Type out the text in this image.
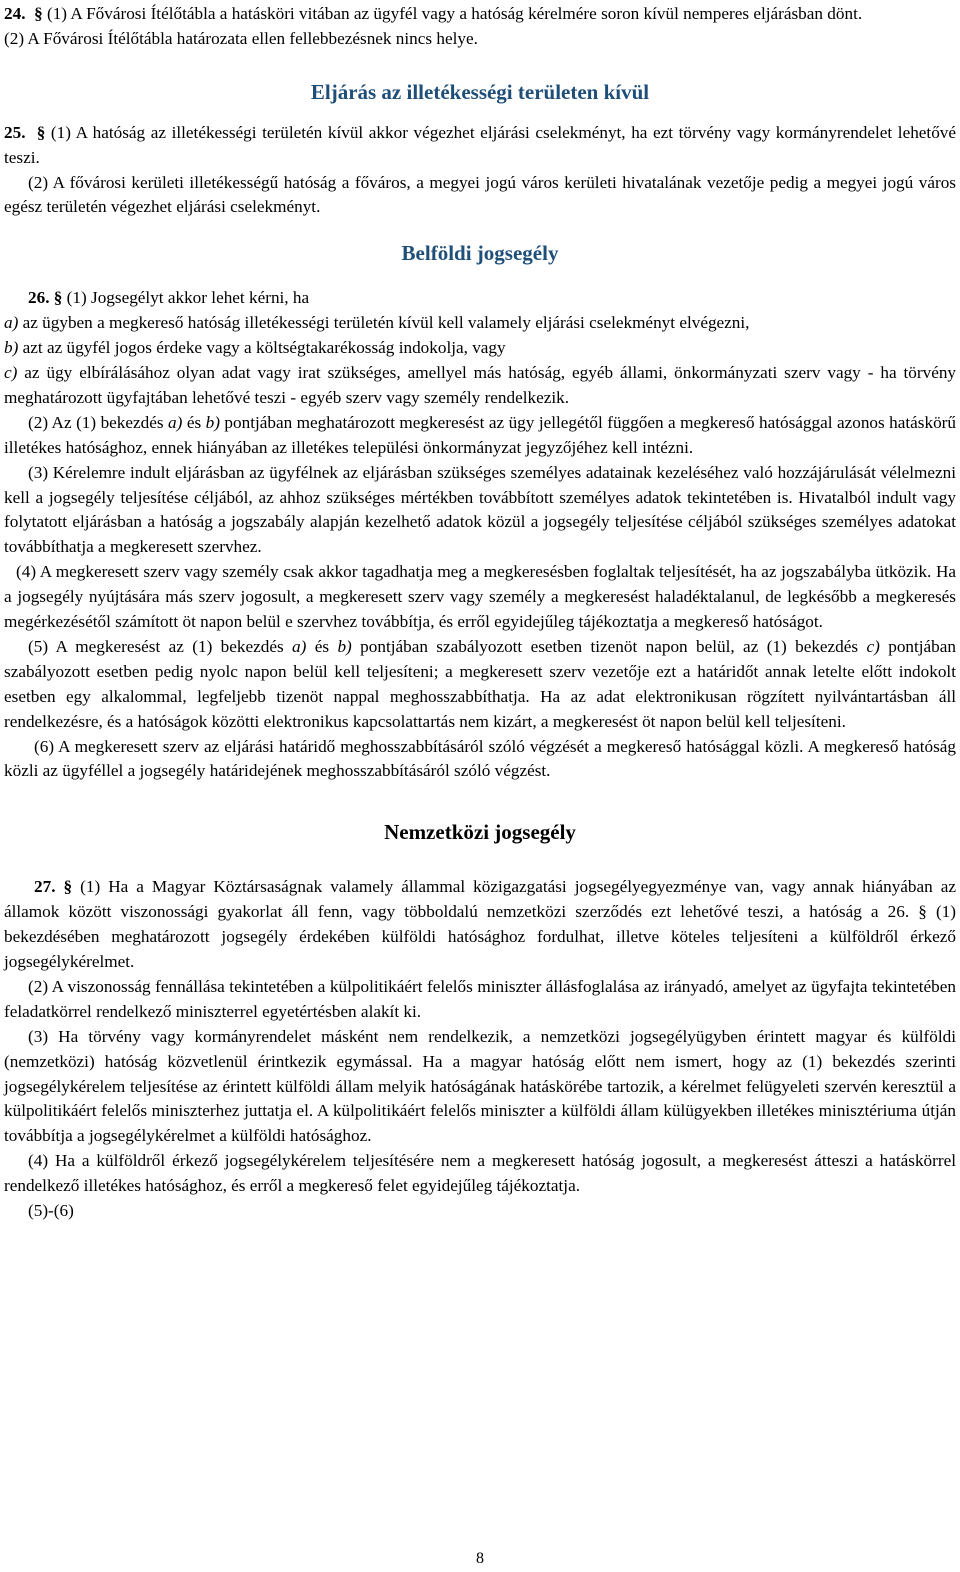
24. § (1) A Fővárosi Ítélőtábla a hatásköri vitában az ügyfél vagy a hatóság kérelmére soron kívül nemperes eljárásban dönt.

(2) A Fővárosi Ítélőtábla határozata ellen fellebbezésnek nincs helye.

Eljárás az illetékességi területen kívül

25. § (1) A hatóság az illetékességi területén kívül akkor végezhet eljárási cselekményt, ha ezt törvény vagy kormányrendelet lehetővé teszi.

(2) A fővárosi kerületi illetékességű hatóság a főváros, a megyei jogú város kerületi hivatalának vezetője pedig a megyei jogú város egész területén végezhet eljárási cselekményt.

Belföldi jogsegély

26. § (1) Jogsegélyt akkor lehet kérni, ha

a) az ügyben a megkereső hatóság illetékességi területén kívül kell valamely eljárási cselekményt elvégezni,

b) azt az ügyfél jogos érdeke vagy a költségtakarékosság indokolja, vagy

c) az ügy elbírálásához olyan adat vagy irat szükséges, amellyel más hatóság, egyéb állami, önkormányzati szerv vagy - ha törvény meghatározott ügyfajtában lehetővé teszi - egyéb szerv vagy személy rendelkezik.

(2) Az (1) bekezdés a) és b) pontjában meghatározott megkeresést az ügy jellegétől függően a megkereső hatósággal azonos hatáskörű illetékes hatósághoz, ennek hiányában az illetékes települési önkormányzat jegyzőjéhez kell intézni.

(3) Kérelemre indult eljárásban az ügyfélnek az eljárásban szükséges személyes adatainak kezeléséhez való hozzájárulását vélelmezni kell a jogsegély teljesítése céljából, az ahhoz szükséges mértékben továbbított személyes adatok tekintetében is. Hivatalból indult vagy folytatott eljárásban a hatóság a jogszabály alapján kezelhető adatok közül a jogsegély teljesítése céljából szükséges személyes adatokat továbbíthatja a megkeresett szervhez.

(4) A megkeresett szerv vagy személy csak akkor tagadhatja meg a megkeresésben foglaltak teljesítését, ha az jogszabályba ütközik. Ha a jogsegély nyújtására más szerv jogosult, a megkeresett szerv vagy személy a megkeresést haladéktalanul, de legkésőbb a megkeresés megérkezésétől számított öt napon belül e szervhez továbbítja, és erről egyidejűleg tájékoztatja a megkereső hatóságot.

(5) A megkeresést az (1) bekezdés a) és b) pontjában szabályozott esetben tizenöt napon belül, az (1) bekezdés c) pontjában szabályozott esetben pedig nyolc napon belül kell teljesíteni; a megkeresett szerv vezetője ezt a határidőt annak letelte előtt indokolt esetben egy alkalommal, legfeljebb tizenöt nappal meghosszabbíthatja. Ha az adat elektronikusan rögzített nyilvántartásban áll rendelkezésre, és a hatóságok közötti elektronikus kapcsolattartás nem kizárt, a megkeresést öt napon belül kell teljesíteni.

(6) A megkeresett szerv az eljárási határidő meghosszabbításáról szóló végzését a megkereső hatósággal közli. A megkereső hatóság közli az ügyféllel a jogsegély határidejének meghosszabbításáról szóló végzést.

Nemzetközi jogsegély

27. § (1) Ha a Magyar Köztársaságnak valamely állammal közigazgatási jogsegélyegyezménye van, vagy annak hiányában az államok között viszonossági gyakorlat áll fenn, vagy többoldalú nemzetközi szerződés ezt lehetővé teszi, a hatóság a 26. § (1) bekezdésében meghatározott jogsegély érdekében külföldi hatósághoz fordulhat, illetve köteles teljesíteni a külföldről érkező jogsegélykérelmet.

(2) A viszonosság fennállása tekintetében a külpolitikáért felelős miniszter állásfoglalása az irányadó, amelyet az ügyfajta tekintetében feladatkörrel rendelkező miniszterrel egyetértésben alakít ki.

(3) Ha törvény vagy kormányrendelet másként nem rendelkezik, a nemzetközi jogsegélyügyben érintett magyar és külföldi (nemzetközi) hatóság közvetlenül érintkezik egymással. Ha a magyar hatóság előtt nem ismert, hogy az (1) bekezdés szerinti jogsegélykérelem teljesítése az érintett külföldi állam melyik hatóságának hatáskörébe tartozik, a kérelmet felügyeleti szervén keresztül a külpolitikáért felelős miniszterhez juttatja el. A külpolitikáért felelős miniszter a külföldi állam külügyekben illetékes minisztériuma útján továbbítja a jogsegélykérelmet a külföldi hatósághoz.

(4) Ha a külföldről érkező jogsegélykérelem teljesítésére nem a megkeresett hatóság jogosult, a megkeresést átteszi a hatáskörrel rendelkező illetékes hatósághoz, és erről a megkereső felet egyidejűleg tájékoztatja.

(5)-(6)

8
